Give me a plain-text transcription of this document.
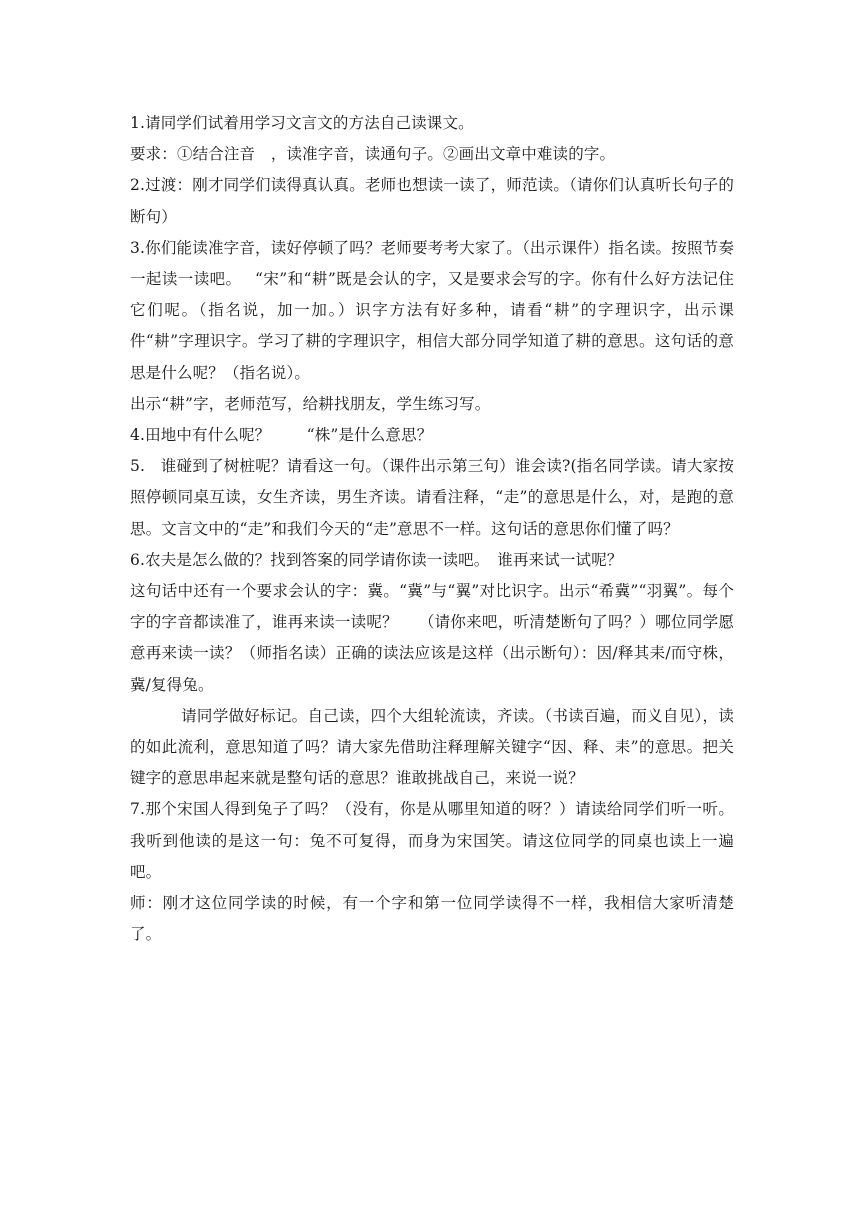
1.请同学们试着用学习文言文的方法自己读课文。

要求：①结合注音　，读准字音，读通句子。②画出文章中难读的字。

2.过渡：刚才同学们读得真认真。老师也想读一读了，师范读。（请你们认真听长句子的断句）

3.你们能读准字音，读好停顿了吗？老师要考考大家了。（出示课件）指名读。按照节奏一起读一读吧。　 “宋”和“耕”既是会认的字，又是要求会写的字。你有什么好方法记住它们呢。（指名说，加一加。）识字方法有好多种，请看“耕”的字理识字，出示课件“耕”字理识字。学习了耕的字理识字，相信大部分同学知道了耕的意思。这句话的意思是什么呢？（指名说）。

出示“耕”字，老师范写，给耕找朋友，学生练习写。

4.田地中有什么呢？　　 “株”是什么意思？

5.　谁碰到了树桩呢？请看这一句。（课件出示第三句）谁会读?(指名同学读。请大家按照停顿同桌互读，女生齐读，男生齐读。请看注释，“走”的意思是什么，对，是跑的意思。文言文中的“走”和我们今天的“走”意思不一样。这句话的意思你们懂了吗？

6.农夫是怎么做的？找到答案的同学请你读一读吧。　谁再来试一试呢？

这句话中还有一个要求会认的字：冀。“冀”与“翼”对比识字。出示“希冀”“羽翼”。每个字的字音都读准了，谁再来读一读呢？　 （请你来吧，听清楚断句了吗？）哪位同学愿意再来读一读？（师指名读）正确的读法应该是这样（出示断句）：因/释其耒/而守株，冀/复得兔。

请同学做好标记。自己读，四个大组轮流读，齐读。（书读百遍，而义自见），读的如此流利，意思知道了吗？请大家先借助注释理解关键字“因、释、耒”的意思。把关键字的意思串起来就是整句话的意思？谁敢挑战自己，来说一说？

7.那个宋国人得到兔子了吗？（没有，你是从哪里知道的呀？）请读给同学们听一听。我听到他读的是这一句：兔不可复得，而身为宋国笑。请这位同学的同桌也读上一遍吧。

师：刚才这位同学读的时候，有一个字和第一位同学读得不一样，我相信大家听清楚了。
